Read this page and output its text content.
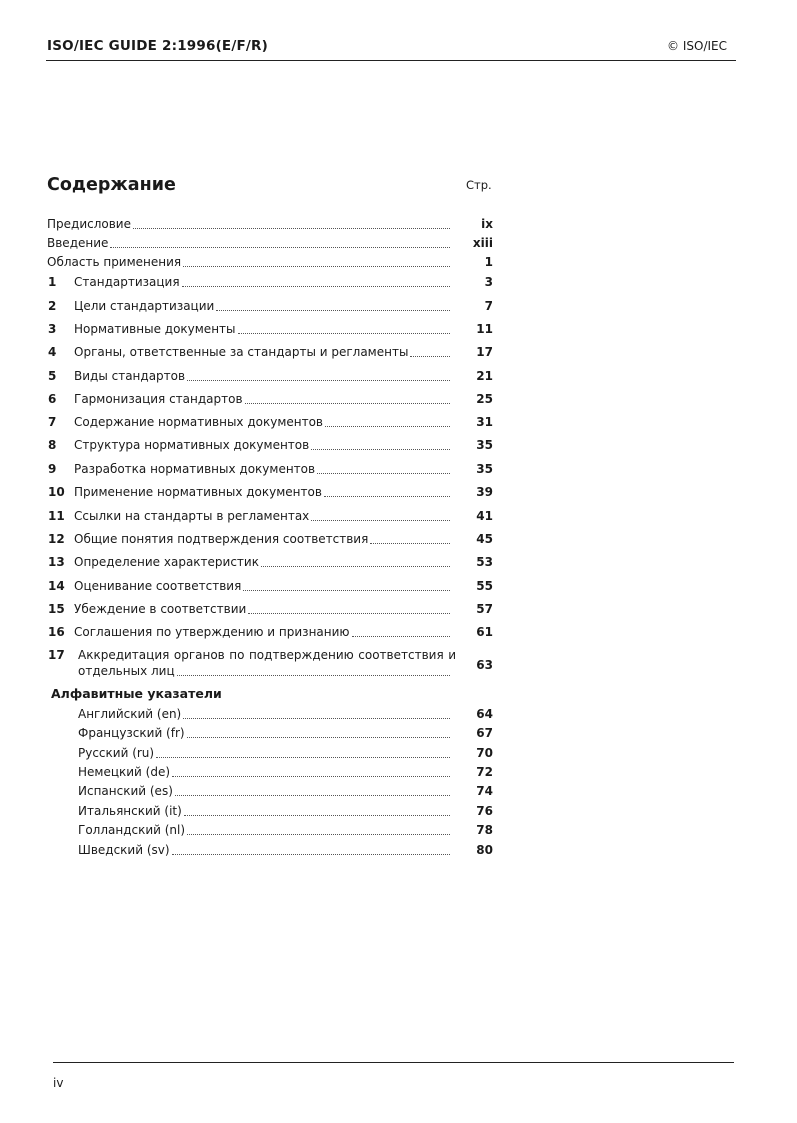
ISO/IEC GUIDE 2:1996(E/F/R)	© ISO/IEC
Содержание	Стр.
Предисловие	ix
Введение	xiii
Область применения	1
1 Стандартизация	3
2 Цели стандартизации	7
3 Нормативные документы	11
4 Органы, ответственные за стандарты и регламенты	17
5 Виды стандартов	21
6 Гармонизация стандартов	25
7 Содержание нормативных документов	31
8 Структура нормативных документов	35
9 Разработка нормативных документов	35
10 Применение нормативных документов	39
11 Ссылки на стандарты в регламентах	41
12 Общие понятия подтверждения соответствия	45
13 Определение характеристик	53
14 Оценивание соответствия	55
15 Убеждение в соответствии	57
16 Соглашения по утверждению и признанию	61
17 Аккредитация органов по подтверждению соответствия и
отдельных лиц	63
Английский (en)	64
Французский (fr)	67
Русский (ru)	70
Немецкий (de)	72
Испанский (es)	74
Итальянский (it)	76
Голландский (nl)	78
Шведский (sv)	80
Алфавитные указатели
iv
